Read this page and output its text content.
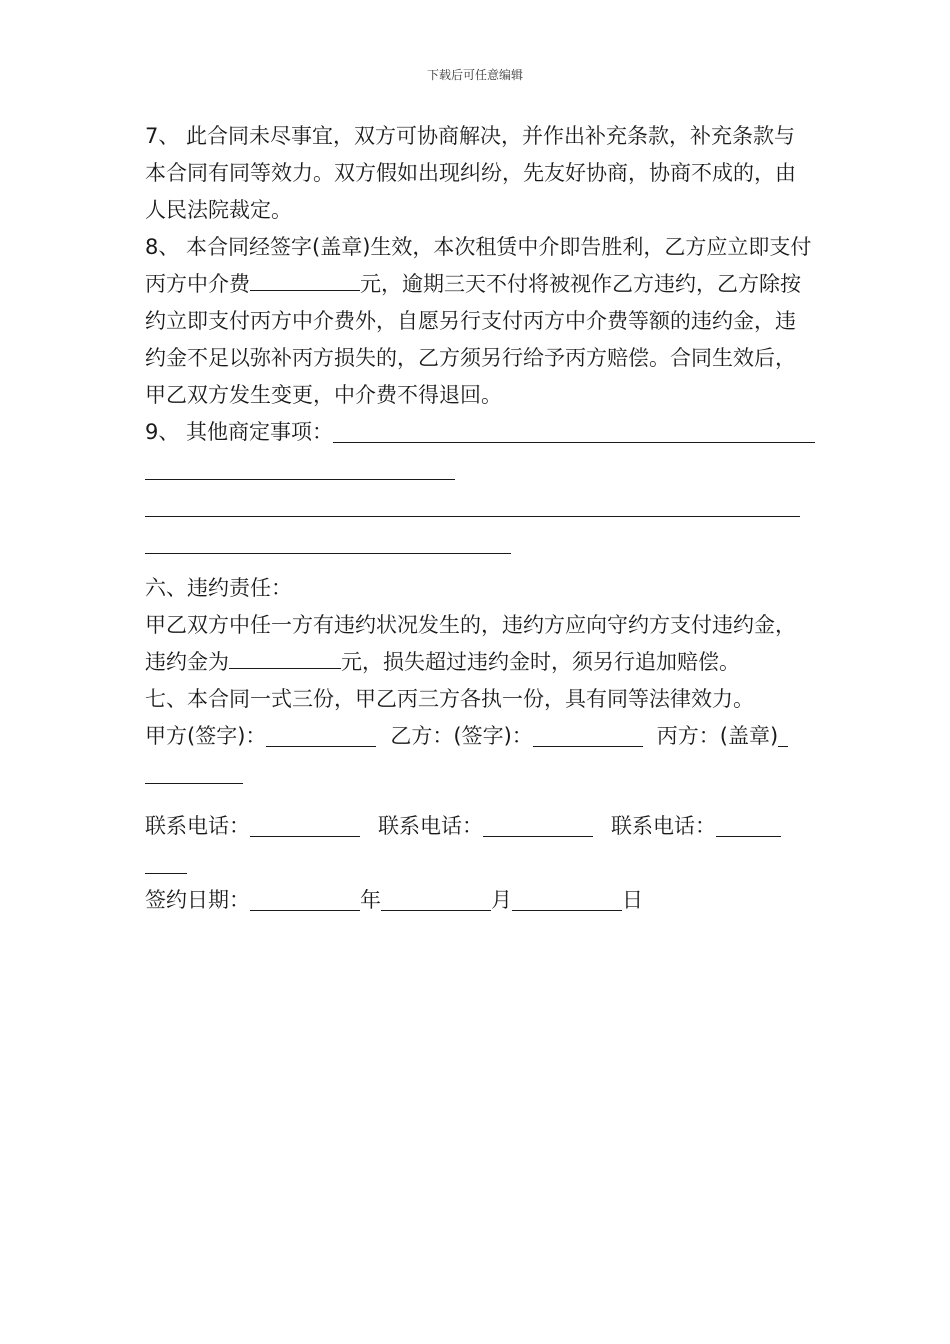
下载后可任意编辑

7、 此合同未尽事宜，双方可协商解决，并作出补充条款，补充条款与本合同有同等效力。双方假如出现纠纷，先友好协商，协商不成的，由人民法院裁定。

8、 本合同经签字(盖章)生效，本次租赁中介即告胜利，乙方应立即支付丙方中介费	元，逾期三天不付将被视作乙方违约，乙方除按约立即支付丙方中介费外，自愿另行支付丙方中介费等额的违约金，违约金不足以弥补丙方损失的，乙方须另行给予丙方赔偿。合同生效后，甲乙双方发生变更，中介费不得退回。

9、 其他商定事项：

六、违约责任：

甲乙双方中任一方有违约状况发生的，违约方应向守约方支付违约金，违约金为	元，损失超过违约金时，须另行追加赔偿。

七、本合同一式三份，甲乙丙三方各执一份，具有同等法律效力。

甲方(签字)：	乙方：(签字)：	丙方：(盖章)
联系电话：	联系电话：	联系电话：
签约日期：	年	月	日
